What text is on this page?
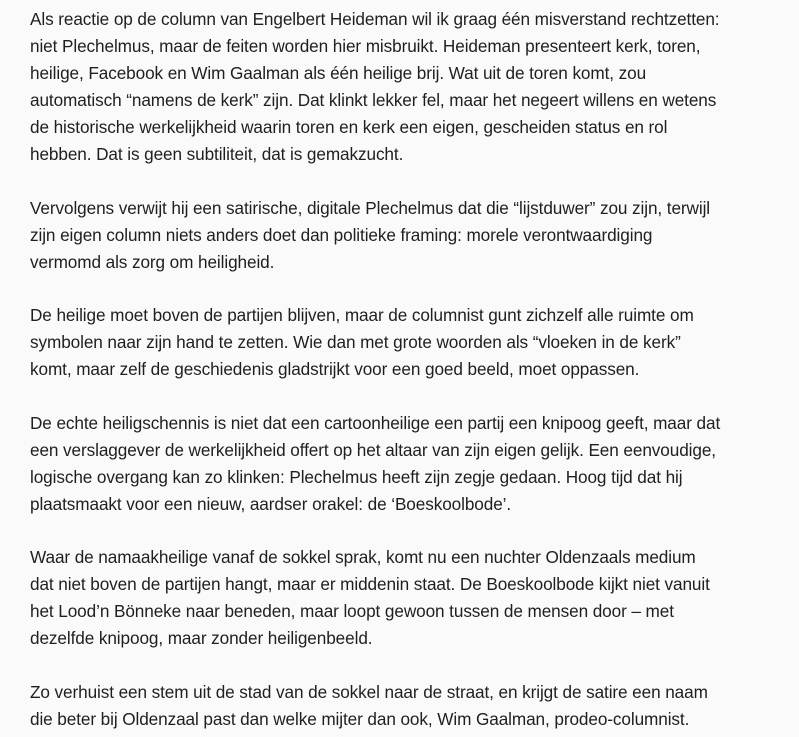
Als reactie op de column van Engelbert Heideman wil ik graag één misverstand rechtzetten:
niet Plechelmus, maar de feiten worden hier misbruikt. Heideman presenteert kerk, toren,
heilige, Facebook en Wim Gaalman als één heilige brij. Wat uit de toren komt, zou
automatisch “namens de kerk” zijn. Dat klinkt lekker fel, maar het negeert willens en wetens
de historische werkelijkheid waarin toren en kerk een eigen, gescheiden status en rol
hebben. Dat is geen subtiliteit, dat is gemakzucht.

Vervolgens verwijt hij een satirische, digitale Plechelmus dat die “lijstduwer” zou zijn, terwijl
zijn eigen column niets anders doet dan politieke framing: morele verontwaardiging
vermomd als zorg om heiligheid.

De heilige moet boven de partijen blijven, maar de columnist gunt zichzelf alle ruimte om
symbolen naar zijn hand te zetten. Wie dan met grote woorden als “vloeken in de kerk”
komt, maar zelf de geschiedenis gladstrijkt voor een goed beeld, moet oppassen.

De echte heiligschennis is niet dat een cartoonheilige een partij een knipoog geeft, maar dat
een verslaggever de werkelijkheid offert op het altaar van zijn eigen gelijk. Een eenvoudige,
logische overgang kan zo klinken: Plechelmus heeft zijn zegje gedaan. Hoog tijd dat hij
plaatsmaakt voor een nieuw, aardser orakel: de ‘Boeskoolbode’.

Waar de namaakheilige vanaf de sokkel sprak, komt nu een nuchter Oldenzaals medium
dat niet boven de partijen hangt, maar er middenin staat. De Boeskoolbode kijkt niet vanuit
het Lood’n Bönneke naar beneden, maar loopt gewoon tussen de mensen door – met
dezelfde knipoog, maar zonder heiligenbeeld.

Zo verhuist een stem uit de stad van de sokkel naar de straat, en krijgt de satire een naam
die beter bij Oldenzaal past dan welke mijter dan ook, Wim Gaalman, prodeo-columnist.
